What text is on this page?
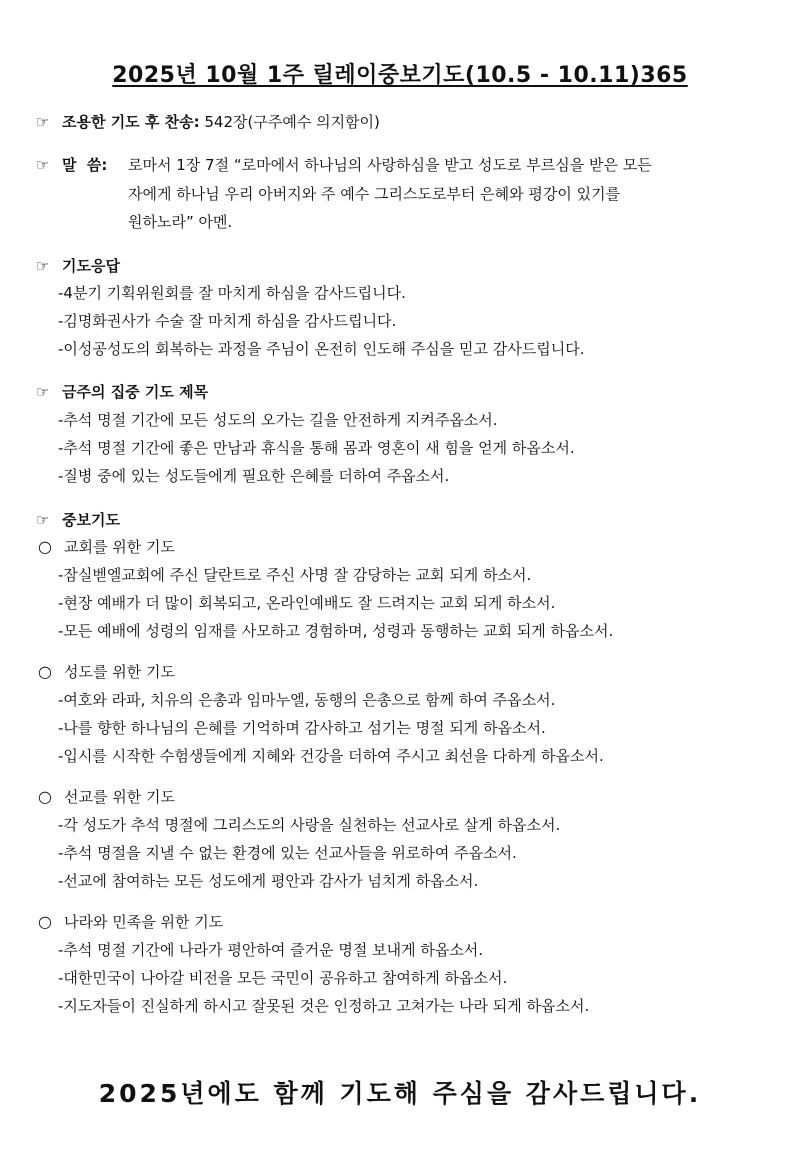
2025년 10월 1주 릴레이중보기도(10.5 - 10.11)365
☞ 조용한 기도 후 찬송: 542장(구주예수 의지함이)
☞ 말  씀: 로마서 1장 7절 “로마에서 하나님의 사랑하심을 받고 성도로 부르심을 받은 모든
자에게 하나님 우리 아버지와 주 예수 그리스도로부터 은혜와 평강이 있기를
원하노라” 아멘.
☞ 기도응답
-4분기 기획위원회를 잘 마치게 하심을 감사드립니다.
-김명화권사가 수술 잘 마치게 하심을 감사드립니다.
-이성공성도의 회복하는 과정을 주님이 온전히 인도해 주심을 믿고 감사드립니다.
☞ 금주의 집중 기도 제목
-추석 명절 기간에 모든 성도의 오가는 길을 안전하게 지켜주옵소서.
-추석 명절 기간에 좋은 만남과 휴식을 통해 몸과 영혼이 새 힘을 얻게 하옵소서.
-질병 중에 있는 성도들에게 필요한 은혜를 더하여 주옵소서.
☞ 중보기도
○ 교회를 위한 기도
-잠실벧엘교회에 주신 달란트로 주신 사명 잘 감당하는 교회 되게 하소서.
-현장 예배가 더 많이 회복되고, 온라인예배도 잘 드려지는 교회 되게 하소서.
-모든 예배에 성령의 임재를 사모하고 경험하며, 성령과 동행하는 교회 되게 하옵소서.
○ 성도를 위한 기도
-여호와 라파, 치유의 은총과 임마누엘, 동행의 은총으로 함께 하여 주옵소서.
-나를 향한 하나님의 은혜를 기억하며 감사하고 섬기는 명절 되게 하옵소서.
-입시를 시작한 수험생들에게 지혜와 건강을 더하여 주시고 최선을 다하게 하옵소서.
○ 선교를 위한 기도
-각 성도가 추석 명절에 그리스도의 사랑을 실천하는 선교사로 살게 하옵소서.
-추석 명절을 지낼 수 없는 환경에 있는 선교사들을 위로하여 주옵소서.
-선교에 참여하는 모든 성도에게 평안과 감사가 넘치게 하옵소서.
○ 나라와 민족을 위한 기도
-추석 명절 기간에 나라가 평안하여 즐거운 명절 보내게 하옵소서.
-대한민국이 나아갈 비전을 모든 국민이 공유하고 참여하게 하옵소서.
-지도자들이 진실하게 하시고 잘못된 것은 인정하고 고쳐가는 나라 되게 하옵소서.
2025년에도 함께 기도해 주심을 감사드립니다.
